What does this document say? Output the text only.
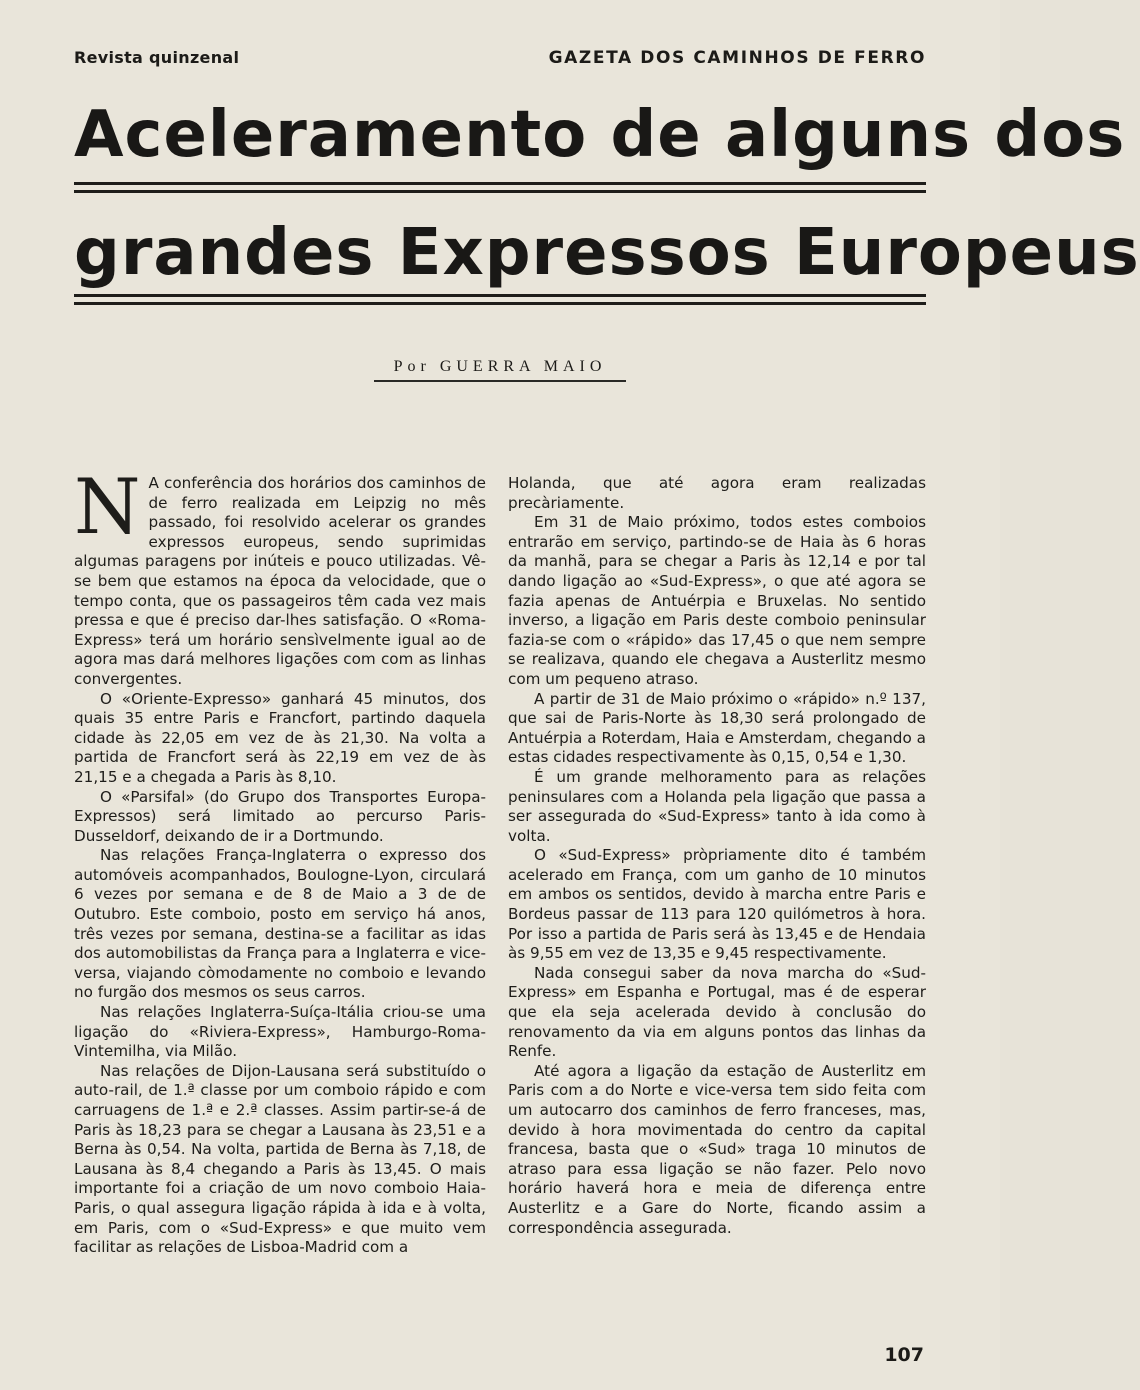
Revista quinzenal	GAZETA DOS CAMINHOS DE FERRO
Aceleramento de alguns dos
grandes Expressos Europeus
Por GUERRA MAIO

N A conferência dos horários dos caminhos de de ferro realizada em Leipzig no mês passado, foi resolvido acelerar os grandes expressos europeus, sendo suprimidas algumas paragens por inúteis e pouco utilizadas. Vê-se bem que estamos na época da velocidade, que o tempo conta, que os passageiros têm cada vez mais pressa e que é preciso dar-lhes satisfação. O «Roma-Express» terá um horário sensìvelmente igual ao de agora mas dará melhores ligações com com as linhas convergentes.

O «Oriente-Expresso» ganhará 45 minutos, dos quais 35 entre Paris e Francfort, partindo daquela cidade às 22,05 em vez de às 21,30. Na volta a partida de Francfort será às 22,19 em vez de às 21,15 e a chegada a Paris às 8,10.

O «Parsifal» (do Grupo dos Transportes Europa-Expressos) será limitado ao percurso Paris-Dusseldorf, deixando de ir a Dortmundo.

Nas relações França-Inglaterra o expresso dos automóveis acompanhados, Boulogne-Lyon, circulará 6 vezes por semana e de 8 de Maio a 3 de de Outubro. Este comboio, posto em serviço há anos, três vezes por semana, destina-se a facilitar as idas dos automobilistas da França para a Inglaterra e vice-versa, viajando còmodamente no comboio e levando no furgão dos mesmos os seus carros.

Nas relações Inglaterra-Suíça-Itália criou-se uma ligação do «Riviera-Express», Hamburgo-Roma-Vintemilha, via Milão.

Nas relações de Dijon-Lausana será substituído o auto-rail, de 1.ª classe por um comboio rápido e com carruagens de 1.ª e 2.ª classes. Assim partir-se-á de Paris às 18,23 para se chegar a Lausana às 23,51 e a Berna às 0,54. Na volta, partida de Berna às 7,18, de Lausana às 8,4 chegando a Paris às 13,45. O mais importante foi a criação de um novo comboio Haia-Paris, o qual assegura ligação rápida à ida e à volta, em Paris, com o «Sud-Express» e que muito vem facilitar as relações de Lisboa-Madrid com a

Holanda, que até agora eram realizadas precàriamente.

Em 31 de Maio próximo, todos estes comboios entrarão em serviço, partindo-se de Haia às 6 horas da manhã, para se chegar a Paris às 12,14 e por tal dando ligação ao «Sud-Express», o que até agora se fazia apenas de Antuérpia e Bruxelas. No sentido inverso, a ligação em Paris deste comboio peninsular fazia-se com o «rápido» das 17,45 o que nem sempre se realizava, quando ele chegava a Austerlitz mesmo com um pequeno atraso.

A partir de 31 de Maio próximo o «rápido» n.º 137, que sai de Paris-Norte às 18,30 será prolongado de Antuérpia a Roterdam, Haia e Amsterdam, chegando a estas cidades respectivamente às 0,15, 0,54 e 1,30.

É um grande melhoramento para as relações peninsulares com a Holanda pela ligação que passa a ser assegurada do «Sud-Express» tanto à ida como à volta.

O «Sud-Express» pròpriamente dito é também acelerado em França, com um ganho de 10 minutos em ambos os sentidos, devido à marcha entre Paris e Bordeus passar de 113 para 120 quilómetros à hora. Por isso a partida de Paris será às 13,45 e de Hendaia às 9,55 em vez de 13,35 e 9,45 respectivamente.

Nada consegui saber da nova marcha do «Sud-Express» em Espanha e Portugal, mas é de esperar que ela seja acelerada devido à conclusão do renovamento da via em alguns pontos das linhas da Renfe.

Até agora a ligação da estação de Austerlitz em Paris com a do Norte e vice-versa tem sido feita com um autocarro dos caminhos de ferro franceses, mas, devido à hora movimentada do centro da capital francesa, basta que o «Sud» traga 10 minutos de atraso para essa ligação se não fazer. Pelo novo horário haverá hora e meia de diferença entre Austerlitz e a Gare do Norte, ficando assim a correspondência assegurada.

107
